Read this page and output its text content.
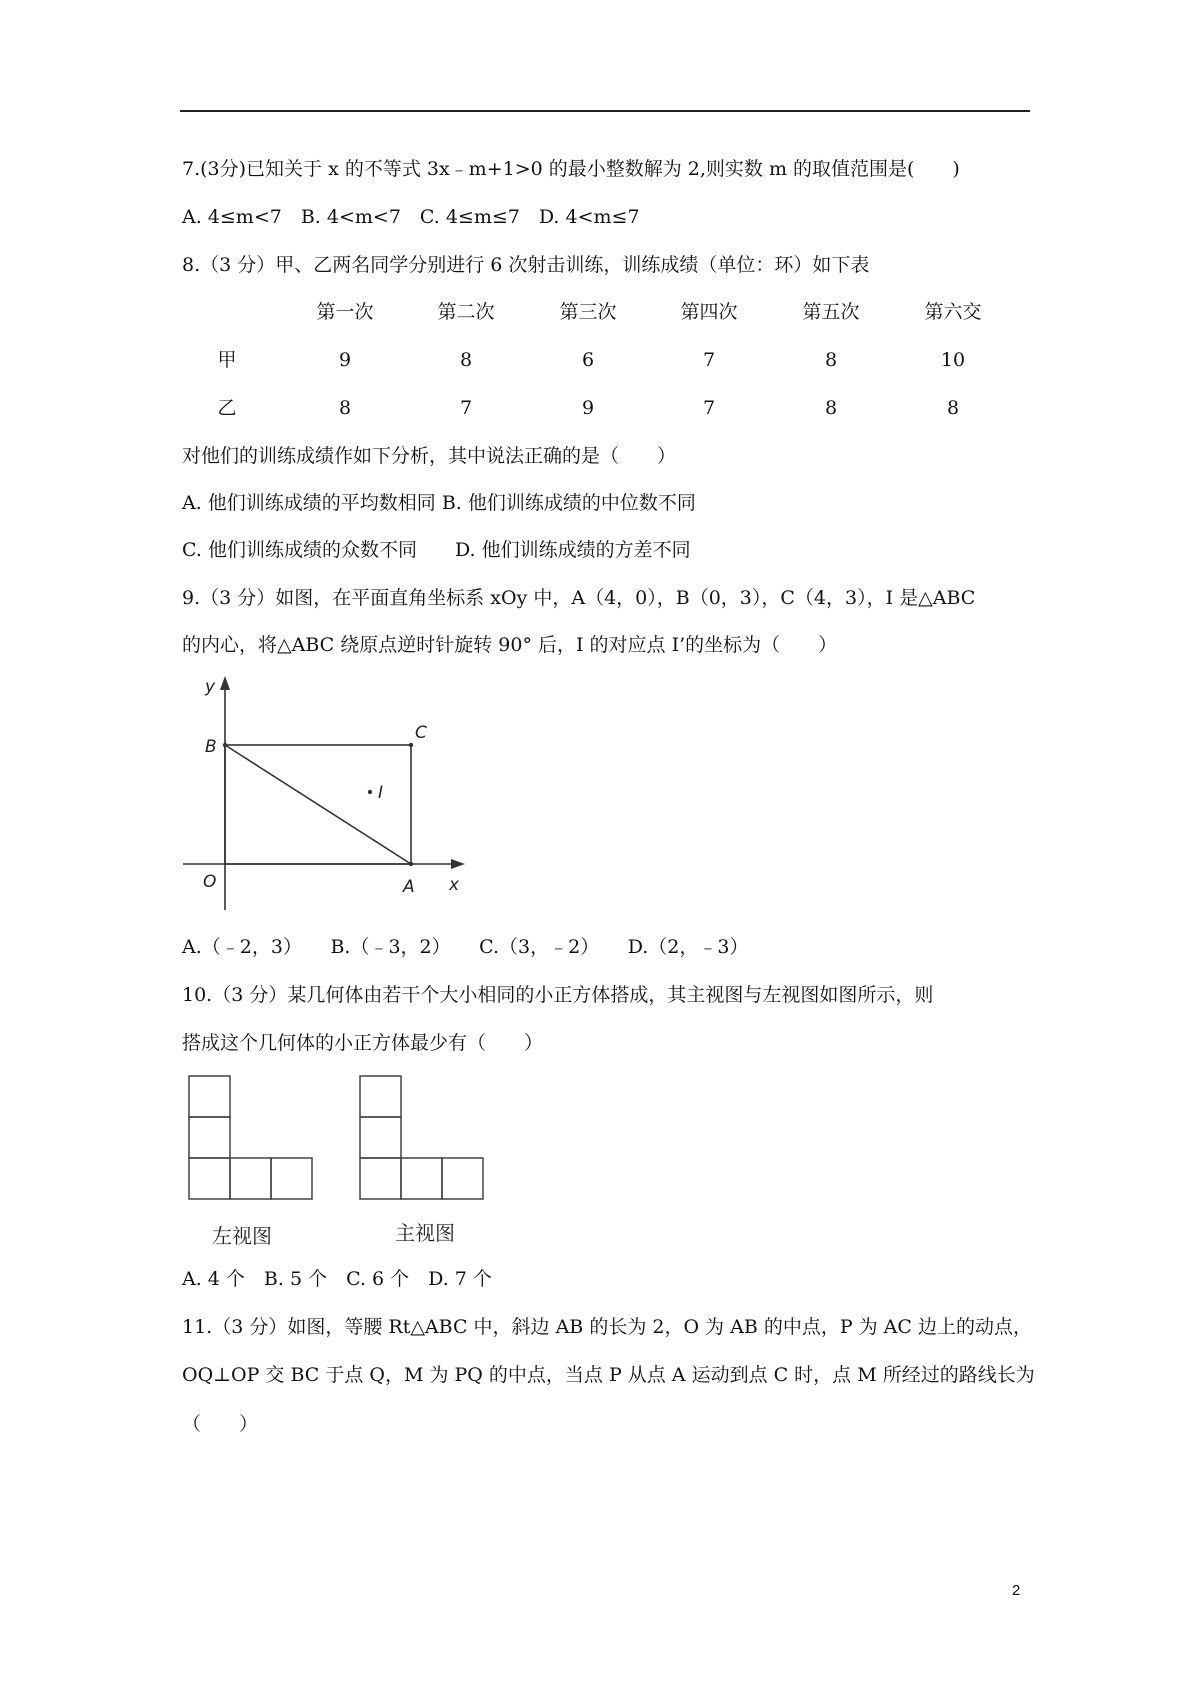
7.(3分)已知关于 x 的不等式 3x﹣m+1>0 的最小整数解为 2,则实数 m 的取值范围是(　　)
A. 4≤m<7　B. 4<m<7　C. 4≤m≤7　D. 4<m≤7
8.（3 分）甲、乙两名同学分别进行 6 次射击训练，训练成绩（单位：环）如下表
第一次	第二次	第三次	第四次	第五次	第六交
甲	9	8	6	7	8	10
乙	8	7	9	7	8	8
对他们的训练成绩作如下分析，其中说法正确的是（　　）
A. 他们训练成绩的平均数相同 B. 他们训练成绩的中位数不同
C. 他们训练成绩的众数不同　　D. 他们训练成绩的方差不同
9.（3 分）如图，在平面直角坐标系 xOy 中，A（4，0），B（0，3），C（4，3），I 是△ABC
的内心，将△ABC 绕原点逆时针旋转 90° 后，I 的对应点 I’的坐标为（　　）
y
x
O	A
B
C
I
A.（﹣2，3）　　B.（﹣3，2）　　C.（3，﹣2）　　D.（2，﹣3）
10.（3 分）某几何体由若干个大小相同的小正方体搭成，其主视图与左视图如图所示，则
搭成这个几何体的小正方体最少有（　　）
左视图	主视图
A. 4 个　B. 5 个　C. 6 个　D. 7 个
11.（3 分）如图，等腰 Rt△ABC 中，斜边 AB 的长为 2，O 为 AB 的中点，P 为 AC 边上的动点，
OQ⊥OP 交 BC 于点 Q，M 为 PQ 的中点，当点 P 从点 A 运动到点 C 时，点 M 所经过的路线长为
（　　）
2
